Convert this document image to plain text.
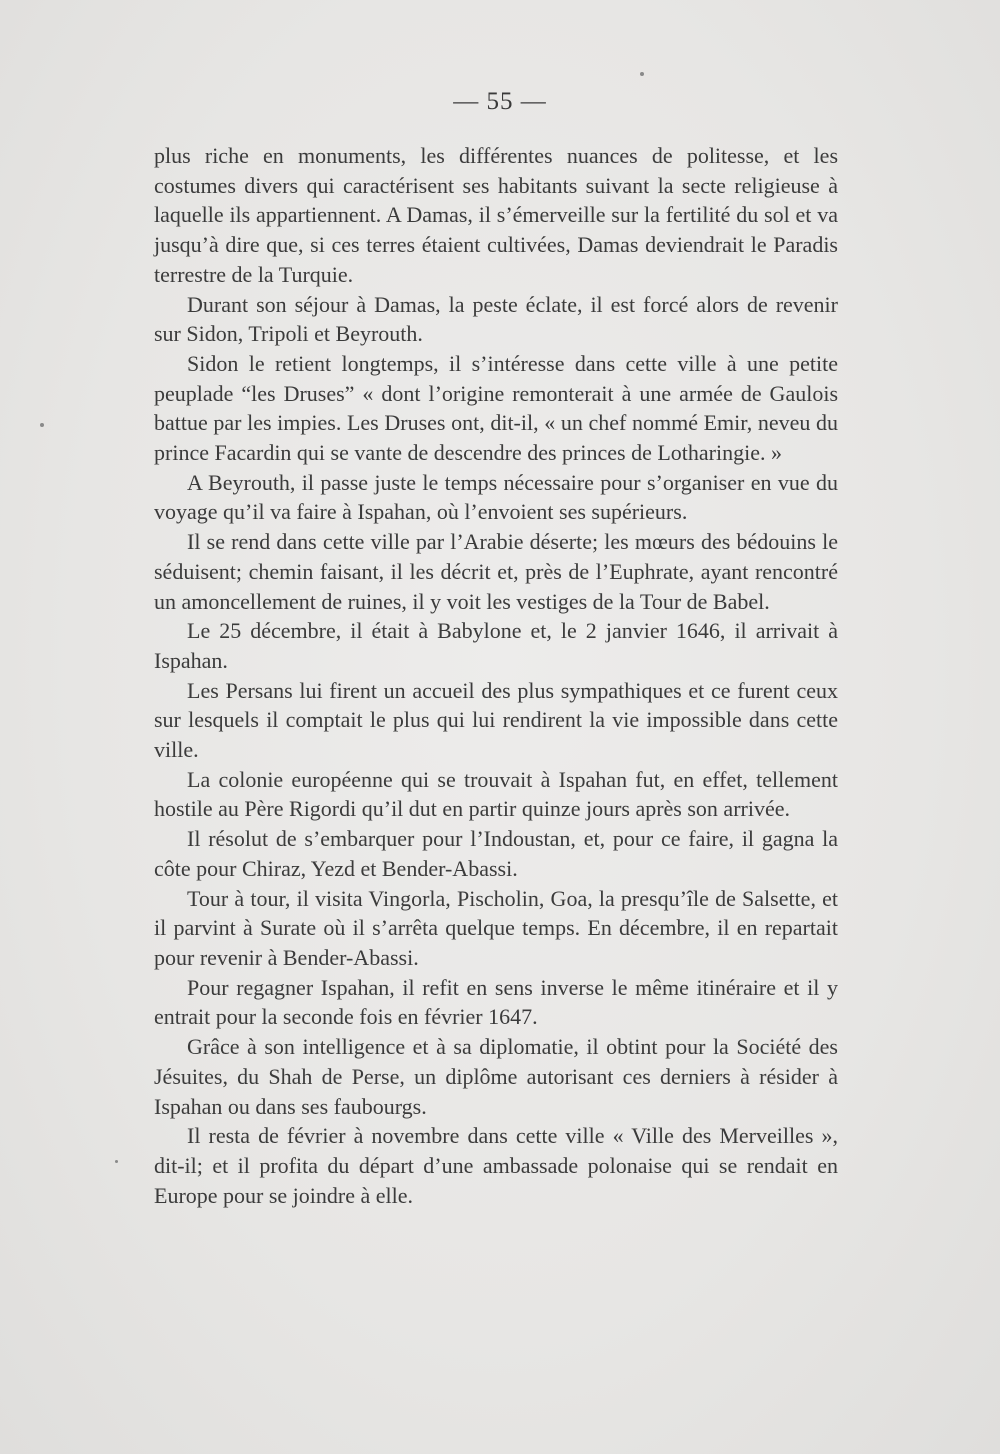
— 55 —

plus riche en monuments, les différentes nuances de politesse, et les costumes divers qui caractérisent ses habitants suivant la secte religieuse à laquelle ils appartiennent. A Damas, il s’émerveille sur la fertilité du sol et va jusqu’à dire que, si ces terres étaient cultivées, Damas deviendrait le Paradis terrestre de la Turquie.

Durant son séjour à Damas, la peste éclate, il est forcé alors de revenir sur Sidon, Tripoli et Beyrouth.

Sidon le retient longtemps, il s’intéresse dans cette ville à une petite peuplade “les Druses” « dont l’origine remonterait à une armée de Gaulois battue par les impies. Les Druses ont, dit-il, « un chef nommé Emir, neveu du prince Facardin qui se vante de descendre des princes de Lotharingie. »

A Beyrouth, il passe juste le temps nécessaire pour s’organiser en vue du voyage qu’il va faire à Ispahan, où l’envoient ses supérieurs.

Il se rend dans cette ville par l’Arabie déserte; les mœurs des bédouins le séduisent; chemin faisant, il les décrit et, près de l’Euphrate, ayant rencontré un amoncellement de ruines, il y voit les vestiges de la Tour de Babel.

Le 25 décembre, il était à Babylone et, le 2 janvier 1646, il arrivait à Ispahan.

Les Persans lui firent un accueil des plus sympathiques et ce furent ceux sur lesquels il comptait le plus qui lui rendirent la vie impossible dans cette ville.

La colonie européenne qui se trouvait à Ispahan fut, en effet, tellement hostile au Père Rigordi qu’il dut en partir quinze jours après son arrivée.

Il résolut de s’embarquer pour l’Indoustan, et, pour ce faire, il gagna la côte pour Chiraz, Yezd et Bender-Abassi.

Tour à tour, il visita Vingorla, Pischolin, Goa, la presqu’île de Salsette, et il parvint à Surate où il s’arrêta quelque temps. En décembre, il en repartait pour revenir à Bender-Abassi.

Pour regagner Ispahan, il refit en sens inverse le même itinéraire et il y entrait pour la seconde fois en février 1647.

Grâce à son intelligence et à sa diplomatie, il obtint pour la Société des Jésuites, du Shah de Perse, un diplôme autorisant ces derniers à résider à Ispahan ou dans ses faubourgs.

Il resta de février à novembre dans cette ville « Ville des Merveilles », dit-il; et il profita du départ d’une ambassade polonaise qui se rendait en Europe pour se joindre à elle.
